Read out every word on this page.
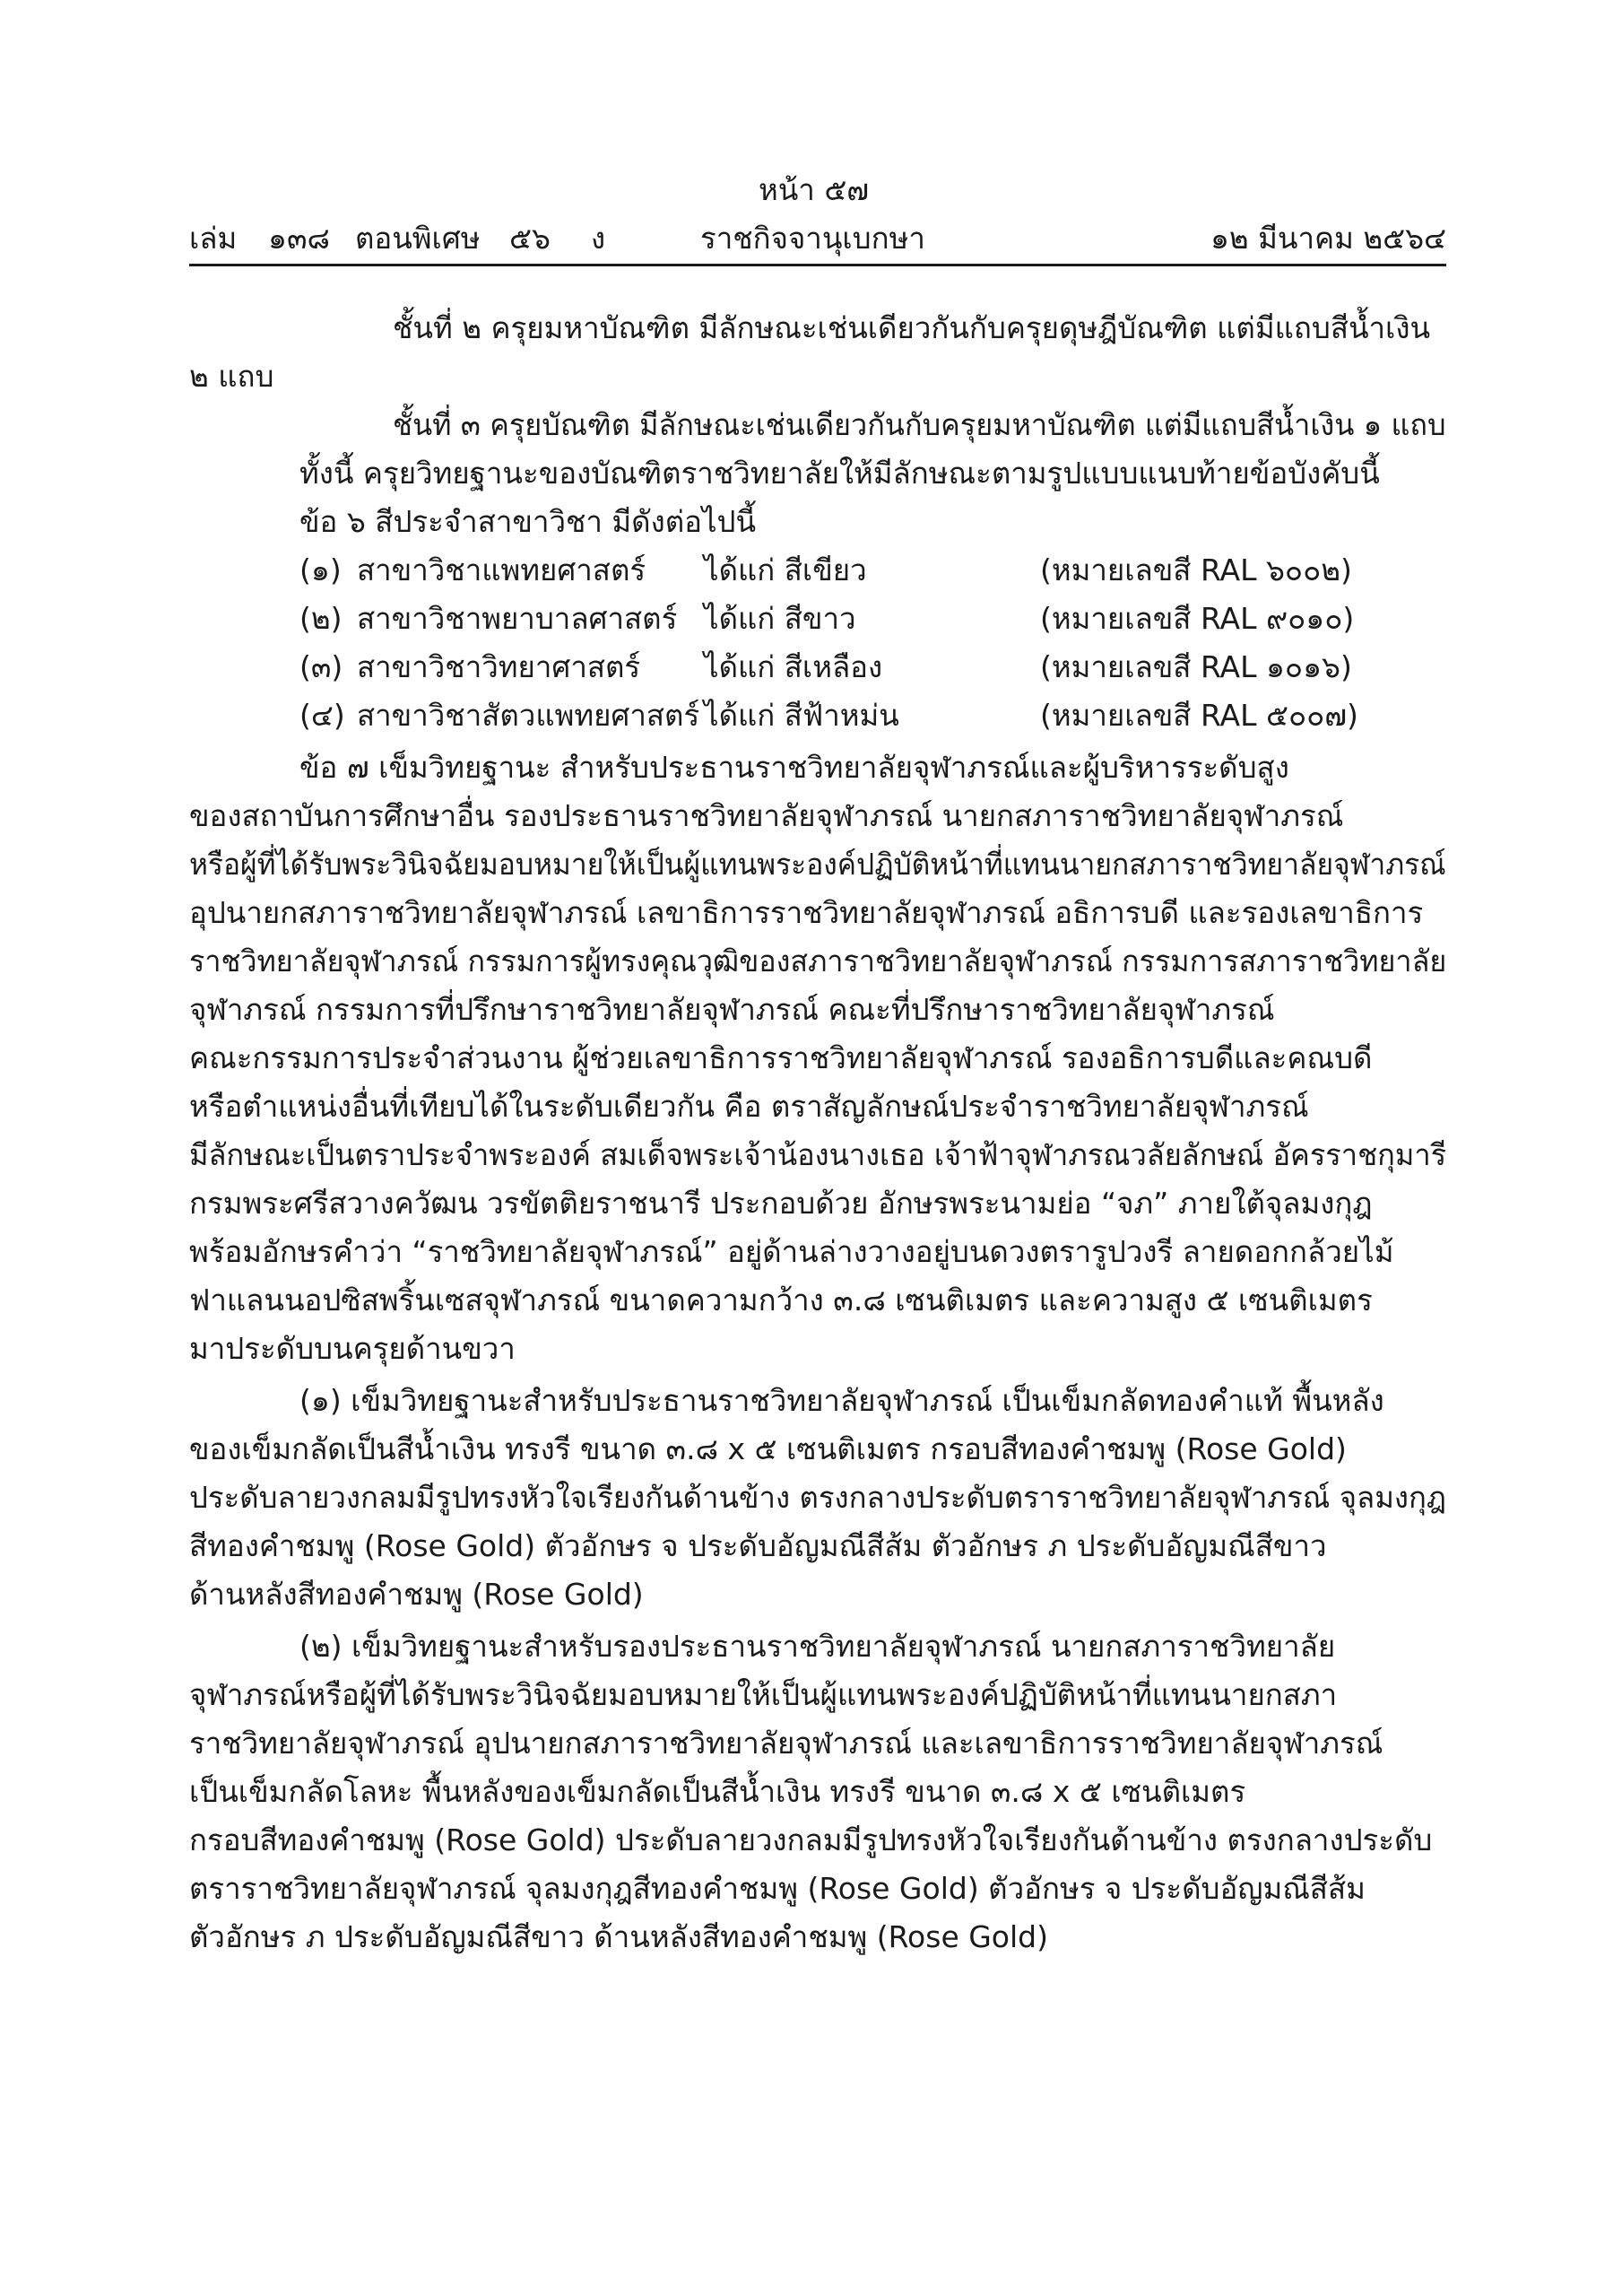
หน้า ๕๗
เล่ม ๑๓๘ ตอนพิเศษ ๕๖ ง	ราชกิจจานุเบกษา	๑๒ มีนาคม ๒๕๖๔
ชั้นที่ ๒ ครุยมหาบัณฑิต มีลักษณะเช่นเดียวกันกับครุยดุษฎีบัณฑิต แต่มีแถบสีน้ำเงิน
๒ แถบ
ชั้นที่ ๓ ครุยบัณฑิต มีลักษณะเช่นเดียวกันกับครุยมหาบัณฑิต แต่มีแถบสีน้ำเงิน ๑ แถบ
ทั้งนี้ ครุยวิทยฐานะของบัณฑิตราชวิทยาลัยให้มีลักษณะตามรูปแบบแนบท้ายข้อบังคับนี้
ข้อ ๖ สีประจำสาขาวิชา มีดังต่อไปนี้
(๑) สาขาวิชาแพทยศาสตร์ ได้แก่ สีเขียว	(หมายเลขสี RAL ๖๐๐๒)
(๒) สาขาวิชาพยาบาลศาสตร์ ได้แก่ สีขาว	(หมายเลขสี RAL ๙๐๑๐)
(๓) สาขาวิชาวิทยาศาสตร์ ได้แก่ สีเหลือง	(หมายเลขสี RAL ๑๐๑๖)
(๔) สาขาวิชาสัตวแพทยศาสตร์ ได้แก่ สีฟ้าหม่น	(หมายเลขสี RAL ๕๐๐๗)
ข้อ ๗ เข็มวิทยฐานะ สำหรับประธานราชวิทยาลัยจุฬาภรณ์และผู้บริหารระดับสูง
ของสถาบันการศึกษาอื่น รองประธานราชวิทยาลัยจุฬาภรณ์ นายกสภาราชวิทยาลัยจุฬาภรณ์
หรือผู้ที่ได้รับพระวินิจฉัยมอบหมายให้เป็นผู้แทนพระองค์ปฏิบัติหน้าที่แทนนายกสภาราชวิทยาลัยจุฬาภรณ์
อุปนายกสภาราชวิทยาลัยจุฬาภรณ์ เลขาธิการราชวิทยาลัยจุฬาภรณ์ อธิการบดี และรองเลขาธิการ
ราชวิทยาลัยจุฬาภรณ์ กรรมการผู้ทรงคุณวุฒิของสภาราชวิทยาลัยจุฬาภรณ์ กรรมการสภาราชวิทยาลัย
จุฬาภรณ์ กรรมการที่ปรึกษาราชวิทยาลัยจุฬาภรณ์ คณะที่ปรึกษาราชวิทยาลัยจุฬาภรณ์
คณะกรรมการประจำส่วนงาน ผู้ช่วยเลขาธิการราชวิทยาลัยจุฬาภรณ์ รองอธิการบดีและคณบดี
หรือตำแหน่งอื่นที่เทียบได้ในระดับเดียวกัน คือ ตราสัญลักษณ์ประจำราชวิทยาลัยจุฬาภรณ์
มีลักษณะเป็นตราประจำพระองค์ สมเด็จพระเจ้าน้องนางเธอ เจ้าฟ้าจุฬาภรณวลัยลักษณ์ อัครราชกุมารี
กรมพระศรีสวางควัฒน วรขัตติยราชนารี ประกอบด้วย อักษรพระนามย่อ “จภ” ภายใต้จุลมงกุฎ
พร้อมอักษรคำว่า “ราชวิทยาลัยจุฬาภรณ์” อยู่ด้านล่างวางอยู่บนดวงตรารูปวงรี ลายดอกกล้วยไม้
ฟาแลนนอปซิสพริ้นเซสจุฬาภรณ์ ขนาดความกว้าง ๓.๘ เซนติเมตร และความสูง ๕ เซนติเมตร
มาประดับบนครุยด้านขวา
(๑) เข็มวิทยฐานะสำหรับประธานราชวิทยาลัยจุฬาภรณ์ เป็นเข็มกลัดทองคำแท้ พื้นหลัง
ของเข็มกลัดเป็นสีน้ำเงิน ทรงรี ขนาด ๓.๘ x ๕ เซนติเมตร กรอบสีทองคำชมพู (Rose Gold)
ประดับลายวงกลมมีรูปทรงหัวใจเรียงกันด้านข้าง ตรงกลางประดับตราราชวิทยาลัยจุฬาภรณ์ จุลมงกุฎ
สีทองคำชมพู (Rose Gold) ตัวอักษร จ ประดับอัญมณีสีส้ม ตัวอักษร ภ ประดับอัญมณีสีขาว
ด้านหลังสีทองคำชมพู (Rose Gold)
(๒) เข็มวิทยฐานะสำหรับรองประธานราชวิทยาลัยจุฬาภรณ์ นายกสภาราชวิทยาลัย
จุฬาภรณ์หรือผู้ที่ได้รับพระวินิจฉัยมอบหมายให้เป็นผู้แทนพระองค์ปฏิบัติหน้าที่แทนนายกสภา
ราชวิทยาลัยจุฬาภรณ์ อุปนายกสภาราชวิทยาลัยจุฬาภรณ์ และเลขาธิการราชวิทยาลัยจุฬาภรณ์
เป็นเข็มกลัดโลหะ พื้นหลังของเข็มกลัดเป็นสีน้ำเงิน ทรงรี ขนาด ๓.๘ x ๕ เซนติเมตร
กรอบสีทองคำชมพู (Rose Gold) ประดับลายวงกลมมีรูปทรงหัวใจเรียงกันด้านข้าง ตรงกลางประดับ
ตราราชวิทยาลัยจุฬาภรณ์ จุลมงกุฎสีทองคำชมพู (Rose Gold) ตัวอักษร จ ประดับอัญมณีสีส้ม
ตัวอักษร ภ ประดับอัญมณีสีขาว ด้านหลังสีทองคำชมพู (Rose Gold)
